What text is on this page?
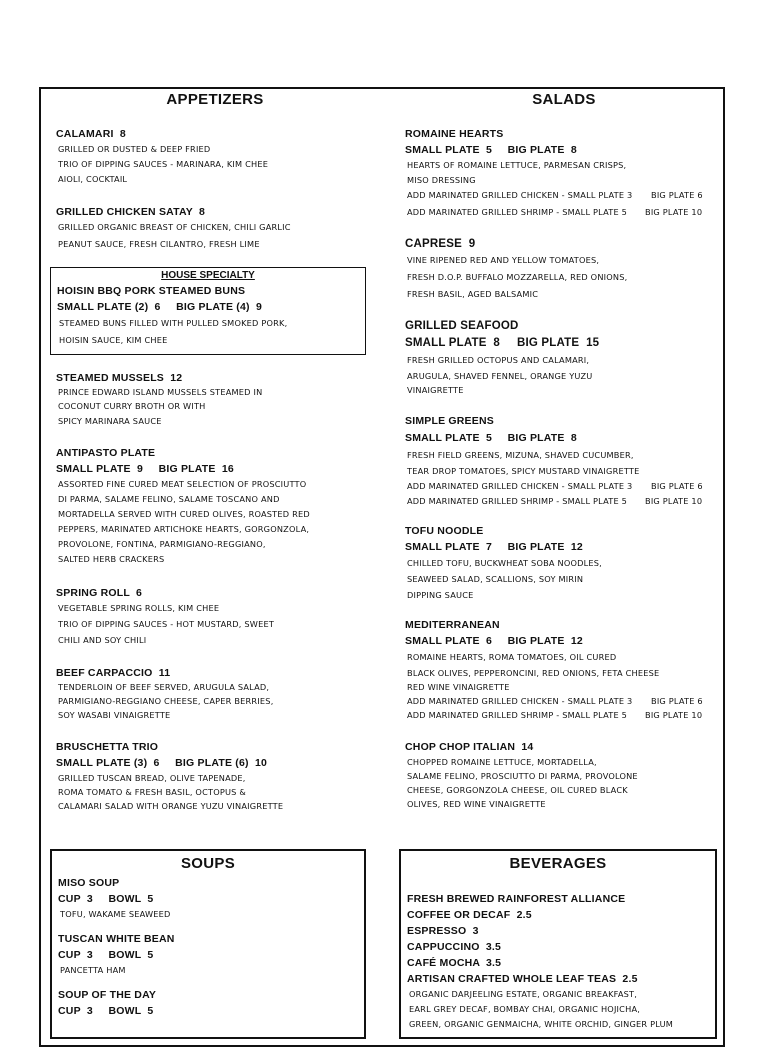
APPETIZERS
CALAMARI  8
GRILLED OR DUSTED & DEEP FRIED
TRIO OF DIPPING SAUCES - MARINARA, KIM CHEE
AIOLI, COCKTAIL
GRILLED CHICKEN SATAY  8
GRILLED ORGANIC BREAST OF CHICKEN, CHILI GARLIC
PEANUT SAUCE, FRESH CILANTRO, FRESH LIME
STEAMED MUSSELS  12
PRINCE EDWARD ISLAND MUSSELS STEAMED IN
COCONUT CURRY BROTH OR WITH
SPICY MARINARA SAUCE
ANTIPASTO PLATE
SMALL PLATE  9     BIG PLATE  16
ASSORTED FINE CURED MEAT SELECTION OF PROSCIUTTO
DI PARMA, SALAME FELINO, SALAME TOSCANO AND
MORTADELLA SERVED WITH CURED OLIVES, ROASTED RED
PEPPERS, MARINATED ARTICHOKE HEARTS, GORGONZOLA,
PROVOLONE, FONTINA, PARMIGIANO-REGGIANO,
SALTED HERB CRACKERS
SPRING ROLL  6
VEGETABLE SPRING ROLLS, KIM CHEE
TRIO OF DIPPING SAUCES - HOT MUSTARD, SWEET
CHILI AND SOY CHILI
BEEF CARPACCIO  11
TENDERLOIN OF BEEF SERVED, ARUGULA SALAD,
PARMIGIANO-REGGIANO CHEESE, CAPER BERRIES,
SOY WASABI VINAIGRETTE
BRUSCHETTA TRIO
SMALL PLATE (3)  6     BIG PLATE (6)  10
GRILLED TUSCAN BREAD, OLIVE TAPENADE,
ROMA TOMATO & FRESH BASIL, OCTOPUS &
CALAMARI SALAD WITH ORANGE YUZU VINAIGRETTE
HOUSE SPECIALTY
HOISIN BBQ PORK STEAMED BUNS
SMALL PLATE (2)  6     BIG PLATE (4)  9
STEAMED BUNS FILLED WITH PULLED SMOKED PORK,
HOISIN SAUCE, KIM CHEE
SALADS
ROMAINE HEARTS
SMALL PLATE  5     BIG PLATE  8
HEARTS OF ROMAINE LETTUCE, PARMESAN CRISPS,
MISO DRESSING
ADD MARINATED GRILLED CHICKEN - SMALL PLATE 3 BIG PLATE 6
ADD MARINATED GRILLED SHRIMP - SMALL PLATE 5 BIG PLATE 10
CAPRESE  9
VINE RIPENED RED AND YELLOW TOMATOES,
FRESH D.O.P. BUFFALO MOZZARELLA, RED ONIONS,
FRESH BASIL, AGED BALSAMIC
GRILLED SEAFOOD
SMALL PLATE  8     BIG PLATE  15
FRESH GRILLED OCTOPUS AND CALAMARI,
ARUGULA, SHAVED FENNEL, ORANGE YUZU
VINAIGRETTE
SIMPLE GREENS
SMALL PLATE  5     BIG PLATE  8
FRESH FIELD GREENS, MIZUNA, SHAVED CUCUMBER,
TEAR DROP TOMATOES, SPICY MUSTARD VINAIGRETTE
ADD MARINATED GRILLED CHICKEN - SMALL PLATE 3 BIG PLATE 6
ADD MARINATED GRILLED SHRIMP - SMALL PLATE 5 BIG PLATE 10
TOFU NOODLE
SMALL PLATE  7     BIG PLATE  12
CHILLED TOFU, BUCKWHEAT SOBA NOODLES,
SEAWEED SALAD, SCALLIONS, SOY MIRIN
DIPPING SAUCE
MEDITERRANEAN
SMALL PLATE  6     BIG PLATE  12
ROMAINE HEARTS, ROMA TOMATOES, OIL CURED
BLACK OLIVES, PEPPERONCINI, RED ONIONS, FETA CHEESE
RED WINE VINAIGRETTE
ADD MARINATED GRILLED CHICKEN - SMALL PLATE 3 BIG PLATE 6
ADD MARINATED GRILLED SHRIMP - SMALL PLATE 5 BIG PLATE 10
CHOP CHOP ITALIAN  14
CHOPPED ROMAINE LETTUCE, MORTADELLA,
SALAME FELINO, PROSCIUTTO DI PARMA, PROVOLONE
CHEESE, GORGONZOLA CHEESE, OIL CURED BLACK
OLIVES, RED WINE VINAIGRETTE
SOUPS
MISO SOUP
CUP  3     BOWL  5
TOFU, WAKAME SEAWEED
TUSCAN WHITE BEAN
CUP  3     BOWL  5
PANCETTA HAM
SOUP OF THE DAY
CUP  3     BOWL  5
BEVERAGES
FRESH BREWED RAINFOREST ALLIANCE
COFFEE OR DECAF  2.5
ESPRESSO  3
CAPPUCCINO  3.5
CAFÉ MOCHA  3.5
ARTISAN CRAFTED WHOLE LEAF TEAS  2.5
ORGANIC DARJEELING ESTATE, ORGANIC BREAKFAST,
EARL GREY DECAF, BOMBAY CHAI, ORGANIC HOJICHA,
GREEN, ORGANIC GENMAICHA, WHITE ORCHID, GINGER PLUM
